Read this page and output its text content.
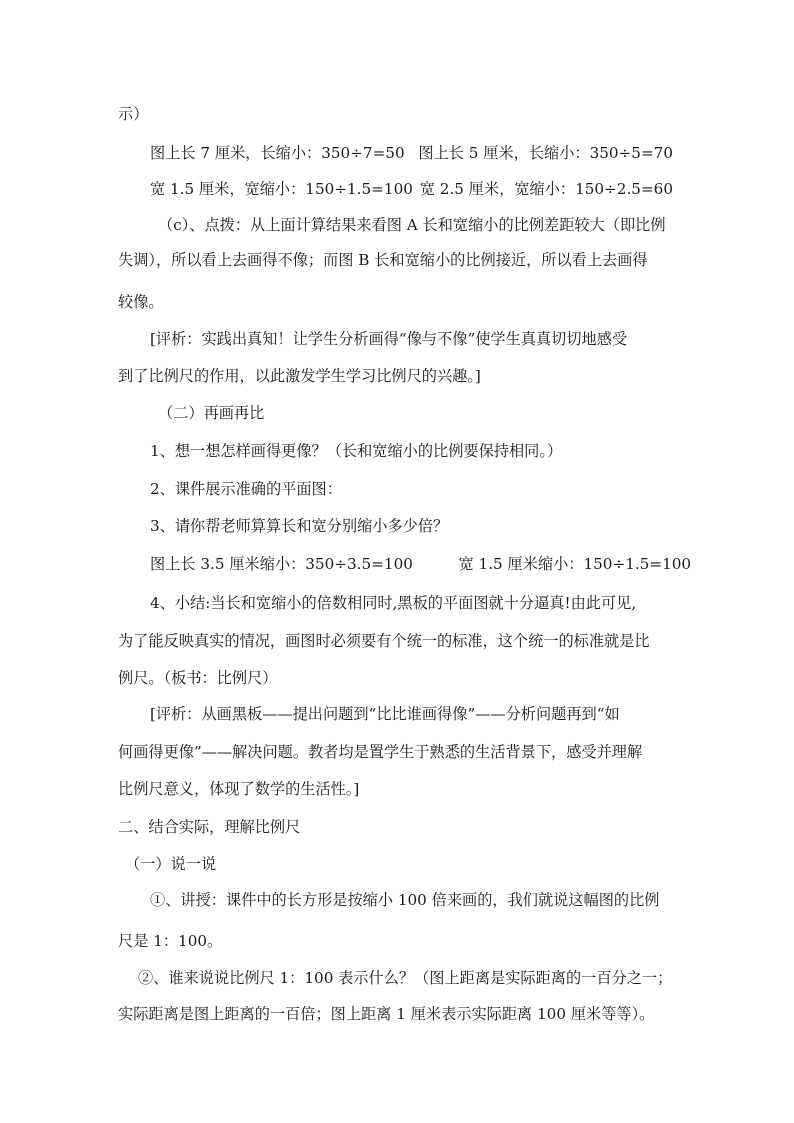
示）
图上长 7 厘米，长缩小：350÷7=50 图上长 5 厘米，长缩小：350÷5=70
宽 1.5 厘米，宽缩小：150÷1.5=100 宽 2.5 厘米，宽缩小：150÷2.5=60
（c）、点拨：从上面计算结果来看图 A 长和宽缩小的比例差距较大（即比例
失调），所以看上去画得不像；而图 B 长和宽缩小的比例接近，所以看上去画得
较像。
[评析：实践出真知！让学生分析画得“像与不像”使学生真真切切地感受
到了比例尺的作用，以此激发学生学习比例尺的兴趣。]
（二）再画再比
1、想一想怎样画得更像？（长和宽缩小的比例要保持相同。）
2、课件展示准确的平面图：
3、请你帮老师算算长和宽分别缩小多少倍？
图上长 3.5 厘米缩小：350÷3.5=100	宽 1.5 厘米缩小：150÷1.5=100
4、小结:当长和宽缩小的倍数相同时,黑板的平面图就十分逼真!由此可见,
为了能反映真实的情况，画图时必须要有个统一的标准，这个统一的标准就是比
例尺。（板书：比例尺）
[评析：从画黑板——提出问题到“比比谁画得像”——分析问题再到“如
何画得更像”——解决问题。教者均是置学生于熟悉的生活背景下，感受并理解
比例尺意义，体现了数学的生活性。]
二、结合实际，理解比例尺
（一）说一说
①、讲授：课件中的长方形是按缩小 100 倍来画的，我们就说这幅图的比例
尺是 1：100。
②、谁来说说比例尺 1：100 表示什么？（图上距离是实际距离的一百分之一；
实际距离是图上距离的一百倍；图上距离 1 厘米表示实际距离 100 厘米等等）。
